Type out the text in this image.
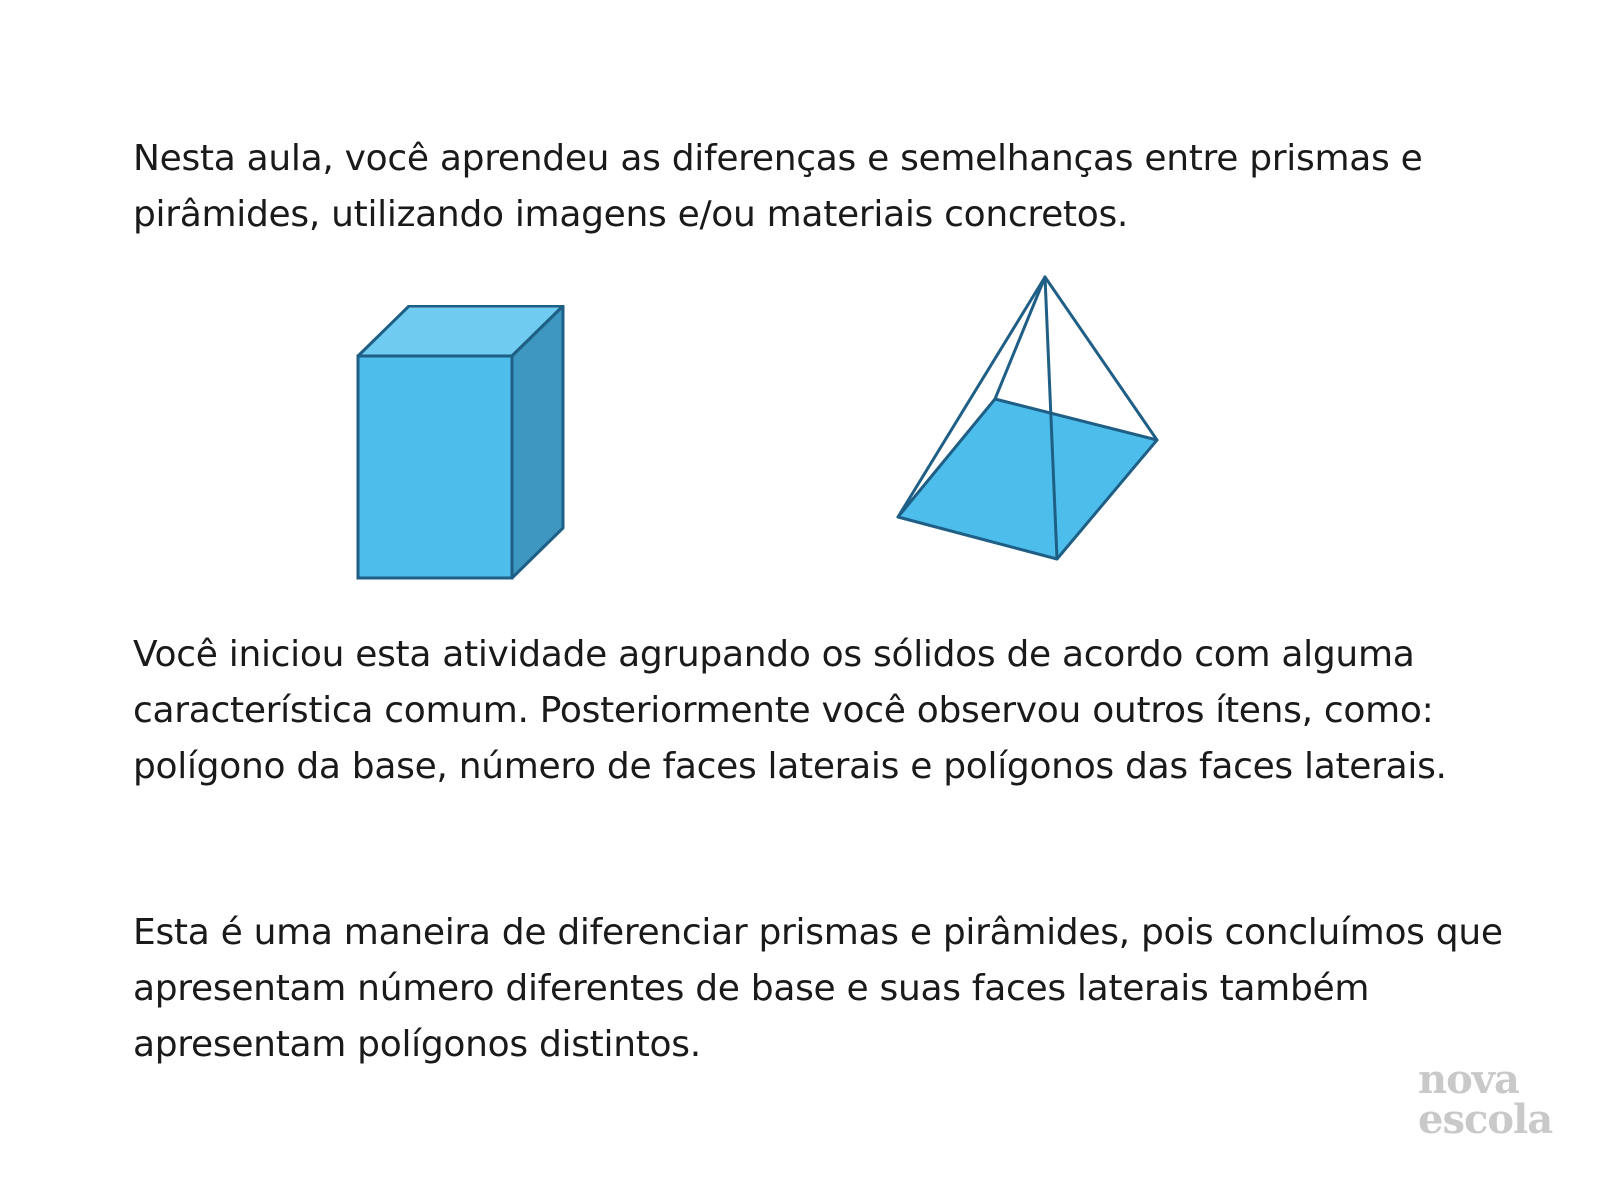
Nesta aula, você aprendeu as diferenças e semelhanças entre prismas e pirâmides, utilizando imagens e/ou materiais concretos.

Você iniciou esta atividade agrupando os sólidos de acordo com alguma característica comum. Posteriormente você observou outros ítens, como: polígono da base, número de faces laterais e polígonos das faces laterais.

Esta é uma maneira de diferenciar prismas e pirâmides, pois concluímos que apresentam número diferentes de base e suas faces laterais também apresentam polígonos distintos.

nova
escola
